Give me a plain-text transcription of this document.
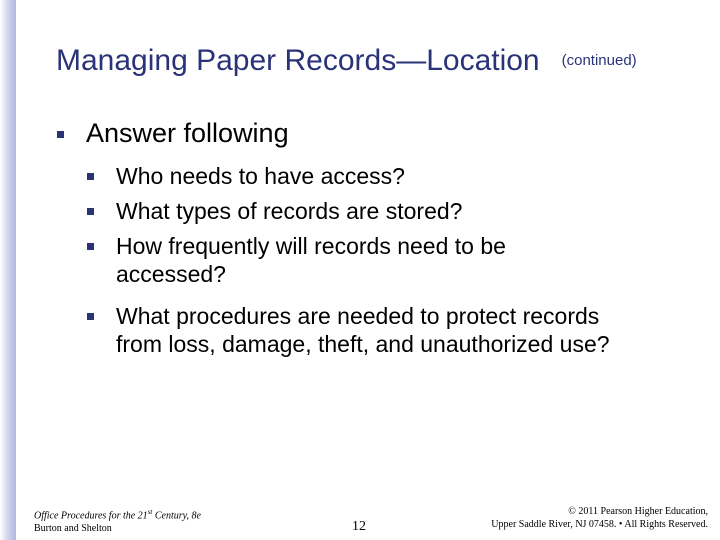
Managing Paper Records—Location (continued)
Answer following
Who needs to have access?
What types of records are stored?
How frequently will records need to be accessed?
What procedures are needed to protect records from loss, damage, theft, and unauthorized use?
Office Procedures for the 21st Century, 8e
Burton and Shelton	12
© 2011 Pearson Higher Education,
Upper Saddle River, NJ 07458. • All Rights Reserved.
